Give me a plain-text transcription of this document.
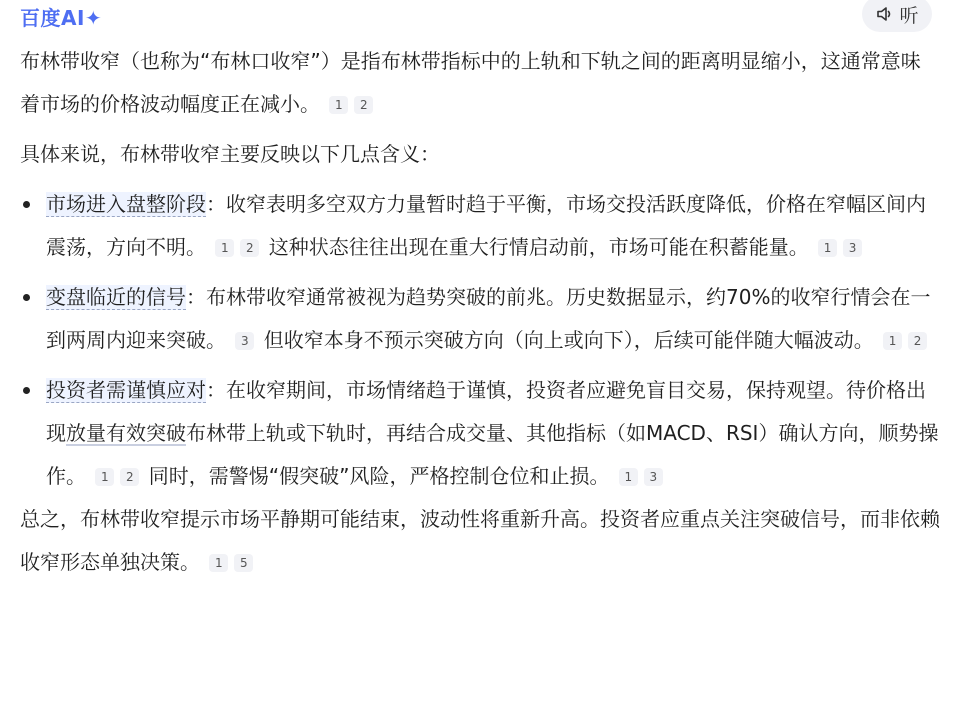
百度AI✦	听

布林带收窄（也称为“布林口收窄”）是指布林带指标中的上轨和下轨之间的距离明显缩小，这通常意味着市场的价格波动幅度正在减小。 1 2

具体来说，布林带收窄主要反映以下几点含义：

市场进入盘整阶段：收窄表明多空双方力量暂时趋于平衡，市场交投活跃度降低，价格在窄幅区间内震荡，方向不明。 1 2 这种状态往往出现在重大行情启动前，市场可能在积蓄能量。 1 3
变盘临近的信号：布林带收窄通常被视为趋势突破的前兆。历史数据显示，约70%的收窄行情会在一到两周内迎来突破。 3 但收窄本身不预示突破方向（向上或向下），后续可能伴随大幅波动。 1 2
投资者需谨慎应对：在收窄期间，市场情绪趋于谨慎，投资者应避免盲目交易，保持观望。待价格出现放量有效突破布林带上轨或下轨时，再结合成交量、其他指标（如MACD、RSI）确认方向，顺势操作。 1 2 同时，需警惕“假突破”风险，严格控制仓位和止损。 1 3

总之，布林带收窄提示市场平静期可能结束，波动性将重新升高。投资者应重点关注突破信号，而非依赖收窄形态单独决策。 1 5
